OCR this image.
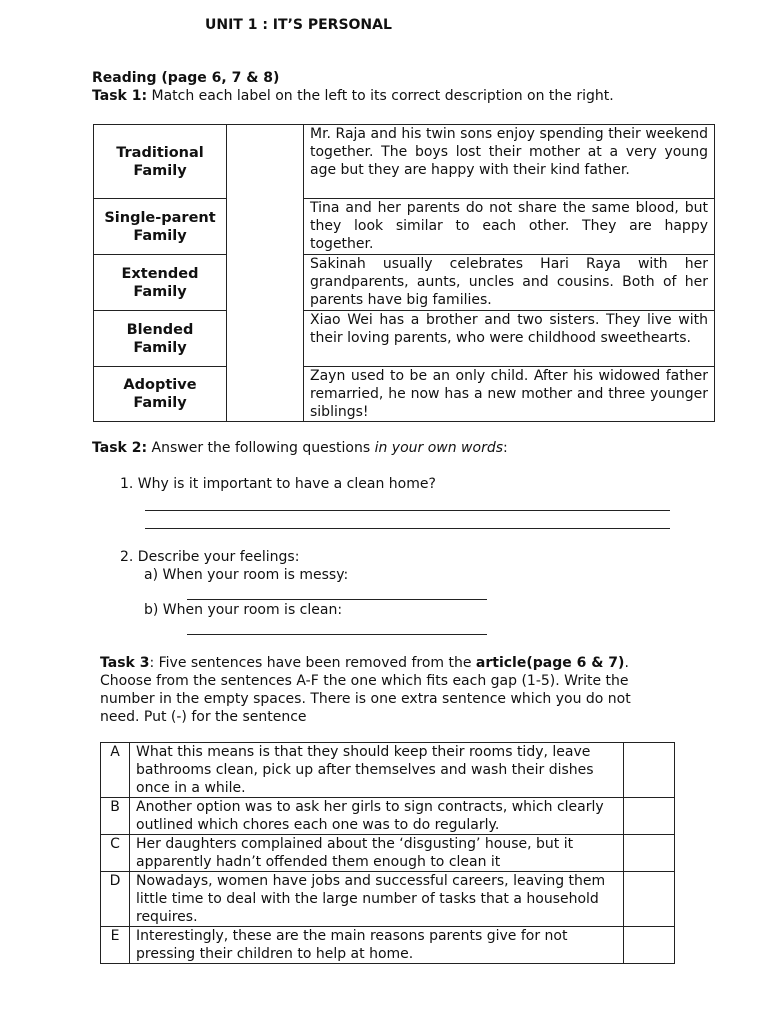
UNIT 1 : IT’S PERSONAL
Reading (page 6, 7 & 8)
Task 1: Match each label on the left to its correct description on the right.
Traditional
Family		Mr. Raja and his twin sons enjoy spending their weekend together. The boys lost their mother at a very young age but they are happy with their kind father.
Single-parent
Family		Tina and her parents do not share the same blood, but they look similar to each other. They are happy together.
Extended
Family		Sakinah usually celebrates Hari Raya with her grandparents, aunts, uncles and cousins. Both of her parents have big families.
Blended
Family		Xiao Wei has a brother and two sisters. They live with their loving parents, who were childhood sweethearts.
Adoptive
Family		Zayn used to be an only child. After his widowed father remarried, he now has a new mother and three younger siblings!
Task 2: Answer the following questions in your own words:
1. Why is it important to have a clean home?
2. Describe your feelings:
a) When your room is messy:
b) When your room is clean:
Task 3: Five sentences have been removed from the article(page 6 & 7). Choose from the sentences A-F the one which fits each gap (1-5). Write the number in the empty spaces. There is one extra sentence which you do not need. Put (-) for the sentence
A	What this means is that they should keep their rooms tidy, leave bathrooms clean, pick up after themselves and wash their dishes once in a while.	
B	Another option was to ask her girls to sign contracts, which clearly outlined which chores each one was to do regularly.	
C	Her daughters complained about the ‘disgusting’ house, but it apparently hadn’t offended them enough to clean it	
D	Nowadays, women have jobs and successful careers, leaving them little time to deal with the large number of tasks that a household requires.	
E	Interestingly, these are the main reasons parents give for not pressing their children to help at home.	
